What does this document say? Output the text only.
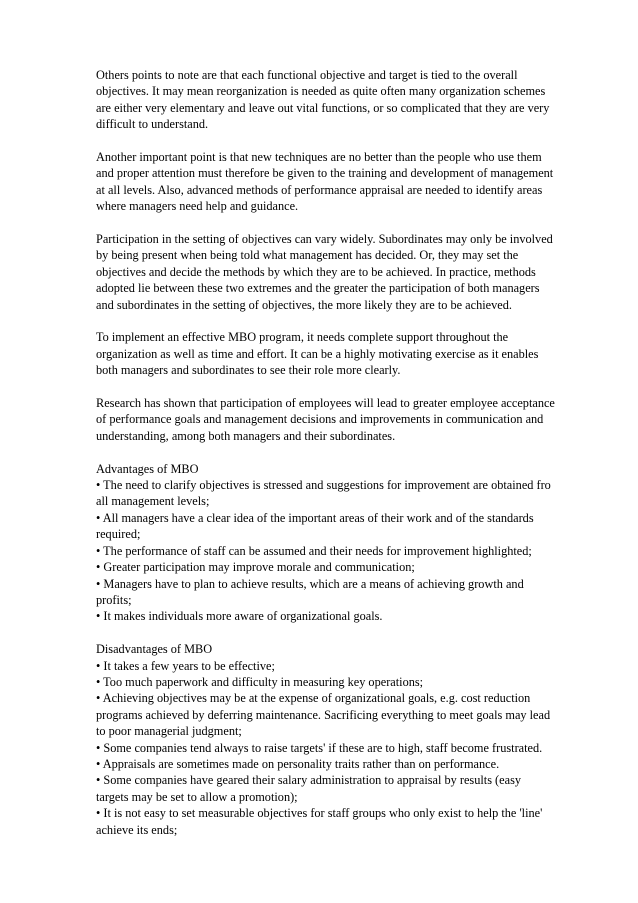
Others points to note are that each functional objective and target is tied to the overall objectives. It may mean reorganization is needed as quite often many organization schemes are either very elementary and leave out vital functions, or so complicated that they are very difficult to understand.

Another important point is that new techniques are no better than the people who use them and proper attention must therefore be given to the training and development of management at all levels. Also, advanced methods of performance appraisal are needed to identify areas where managers need help and guidance.

Participation in the setting of objectives can vary widely. Subordinates may only be involved by being present when being told what management has decided. Or, they may set the objectives and decide the methods by which they are to be achieved. In practice, methods adopted lie between these two extremes and the greater the participation of both managers and subordinates in the setting of objectives, the more likely they are to be achieved.

To implement an effective MBO program, it needs complete support throughout the organization as well as time and effort. It can be a highly motivating exercise as it enables both managers and subordinates to see their role more clearly.

Research has shown that participation of employees will lead to greater employee acceptance of performance goals and management decisions and improvements in communication and understanding, among both managers and their subordinates.

Advantages of MBO

• The need to clarify objectives is stressed and suggestions for improvement are obtained fro all management levels;
• All managers have a clear idea of the important areas of their work and of the standards required;
• The performance of staff can be assumed and their needs for improvement highlighted;
• Greater participation may improve morale and communication;
• Managers have to plan to achieve results, which are a means of achieving growth and profits;
• It makes individuals more aware of organizational goals.

Disadvantages of MBO

• It takes a few years to be effective;
• Too much paperwork and difficulty in measuring key operations;
• Achieving objectives may be at the expense of organizational goals, e.g. cost reduction programs achieved by deferring maintenance. Sacrificing everything to meet goals may lead to poor managerial judgment;
• Some companies tend always to raise targets' if these are to high, staff become frustrated.
• Appraisals are sometimes made on personality traits rather than on performance.
• Some companies have geared their salary administration to appraisal by results (easy targets may be set to allow a promotion);
• It is not easy to set measurable objectives for staff groups who only exist to help the 'line' achieve its ends;
